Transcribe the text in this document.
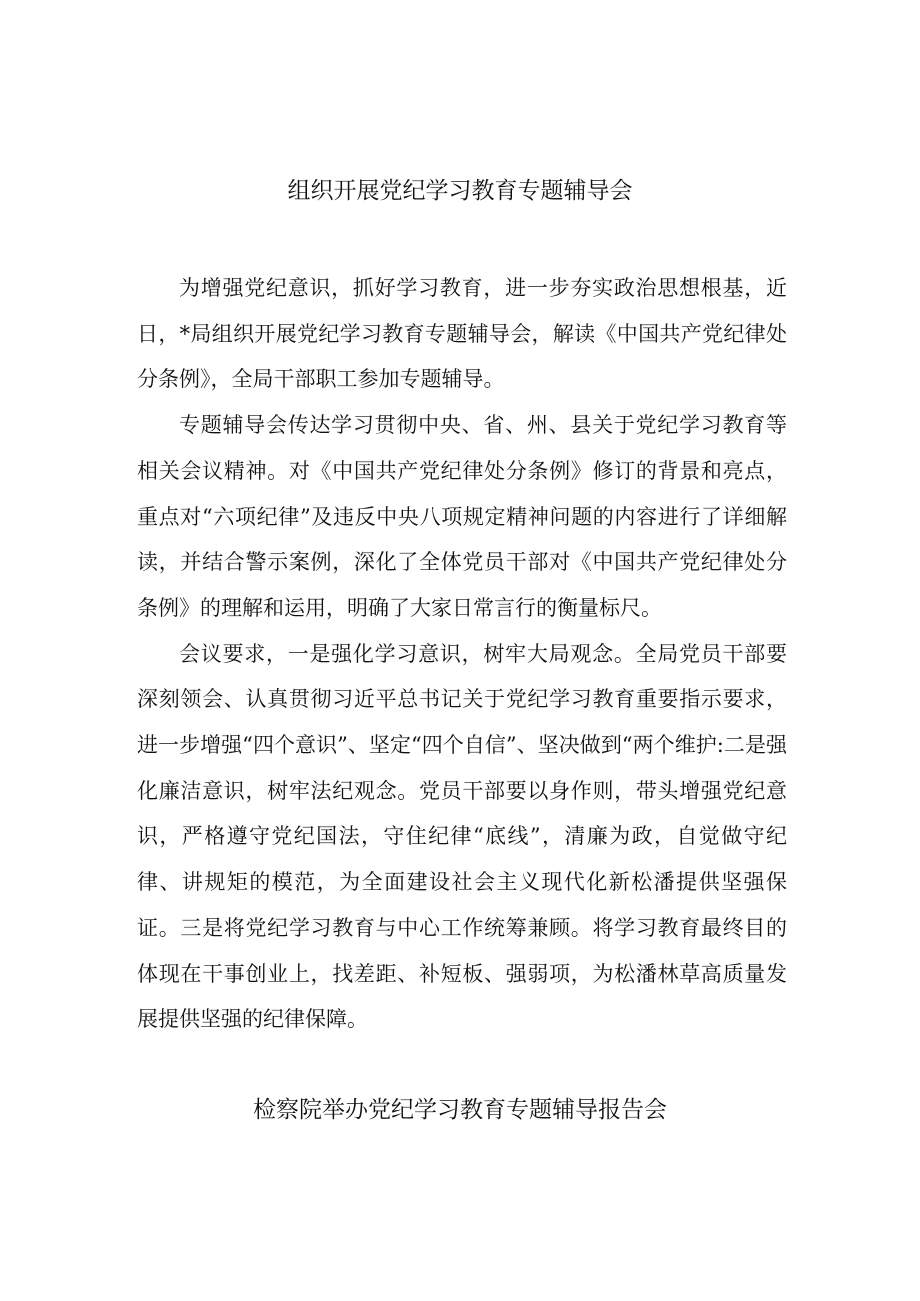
组织开展党纪学习教育专题辅导会

为增强党纪意识，抓好学习教育，进一步夯实政治思想根基，近日，*局组织开展党纪学习教育专题辅导会，解读《中国共产党纪律处分条例》，全局干部职工参加专题辅导。

专题辅导会传达学习贯彻中央、省、州、县关于党纪学习教育等相关会议精神。对《中国共产党纪律处分条例》修订的背景和亮点，重点对“六项纪律”及违反中央八项规定精神问题的内容进行了详细解读，并结合警示案例，深化了全体党员干部对《中国共产党纪律处分条例》的理解和运用，明确了大家日常言行的衡量标尺。

会议要求，一是强化学习意识，树牢大局观念。全局党员干部要深刻领会、认真贯彻习近平总书记关于党纪学习教育重要指示要求，进一步增强“四个意识”、坚定“四个自信”、坚决做到“两个维护:二是强化廉洁意识，树牢法纪观念。党员干部要以身作则，带头增强党纪意识，严格遵守党纪国法，守住纪律“底线”，清廉为政，自觉做守纪律、讲规矩的模范，为全面建设社会主义现代化新松潘提供坚强保证。三是将党纪学习教育与中心工作统筹兼顾。将学习教育最终目的体现在干事创业上，找差距、补短板、强弱项，为松潘林草高质量发展提供坚强的纪律保障。

检察院举办党纪学习教育专题辅导报告会
